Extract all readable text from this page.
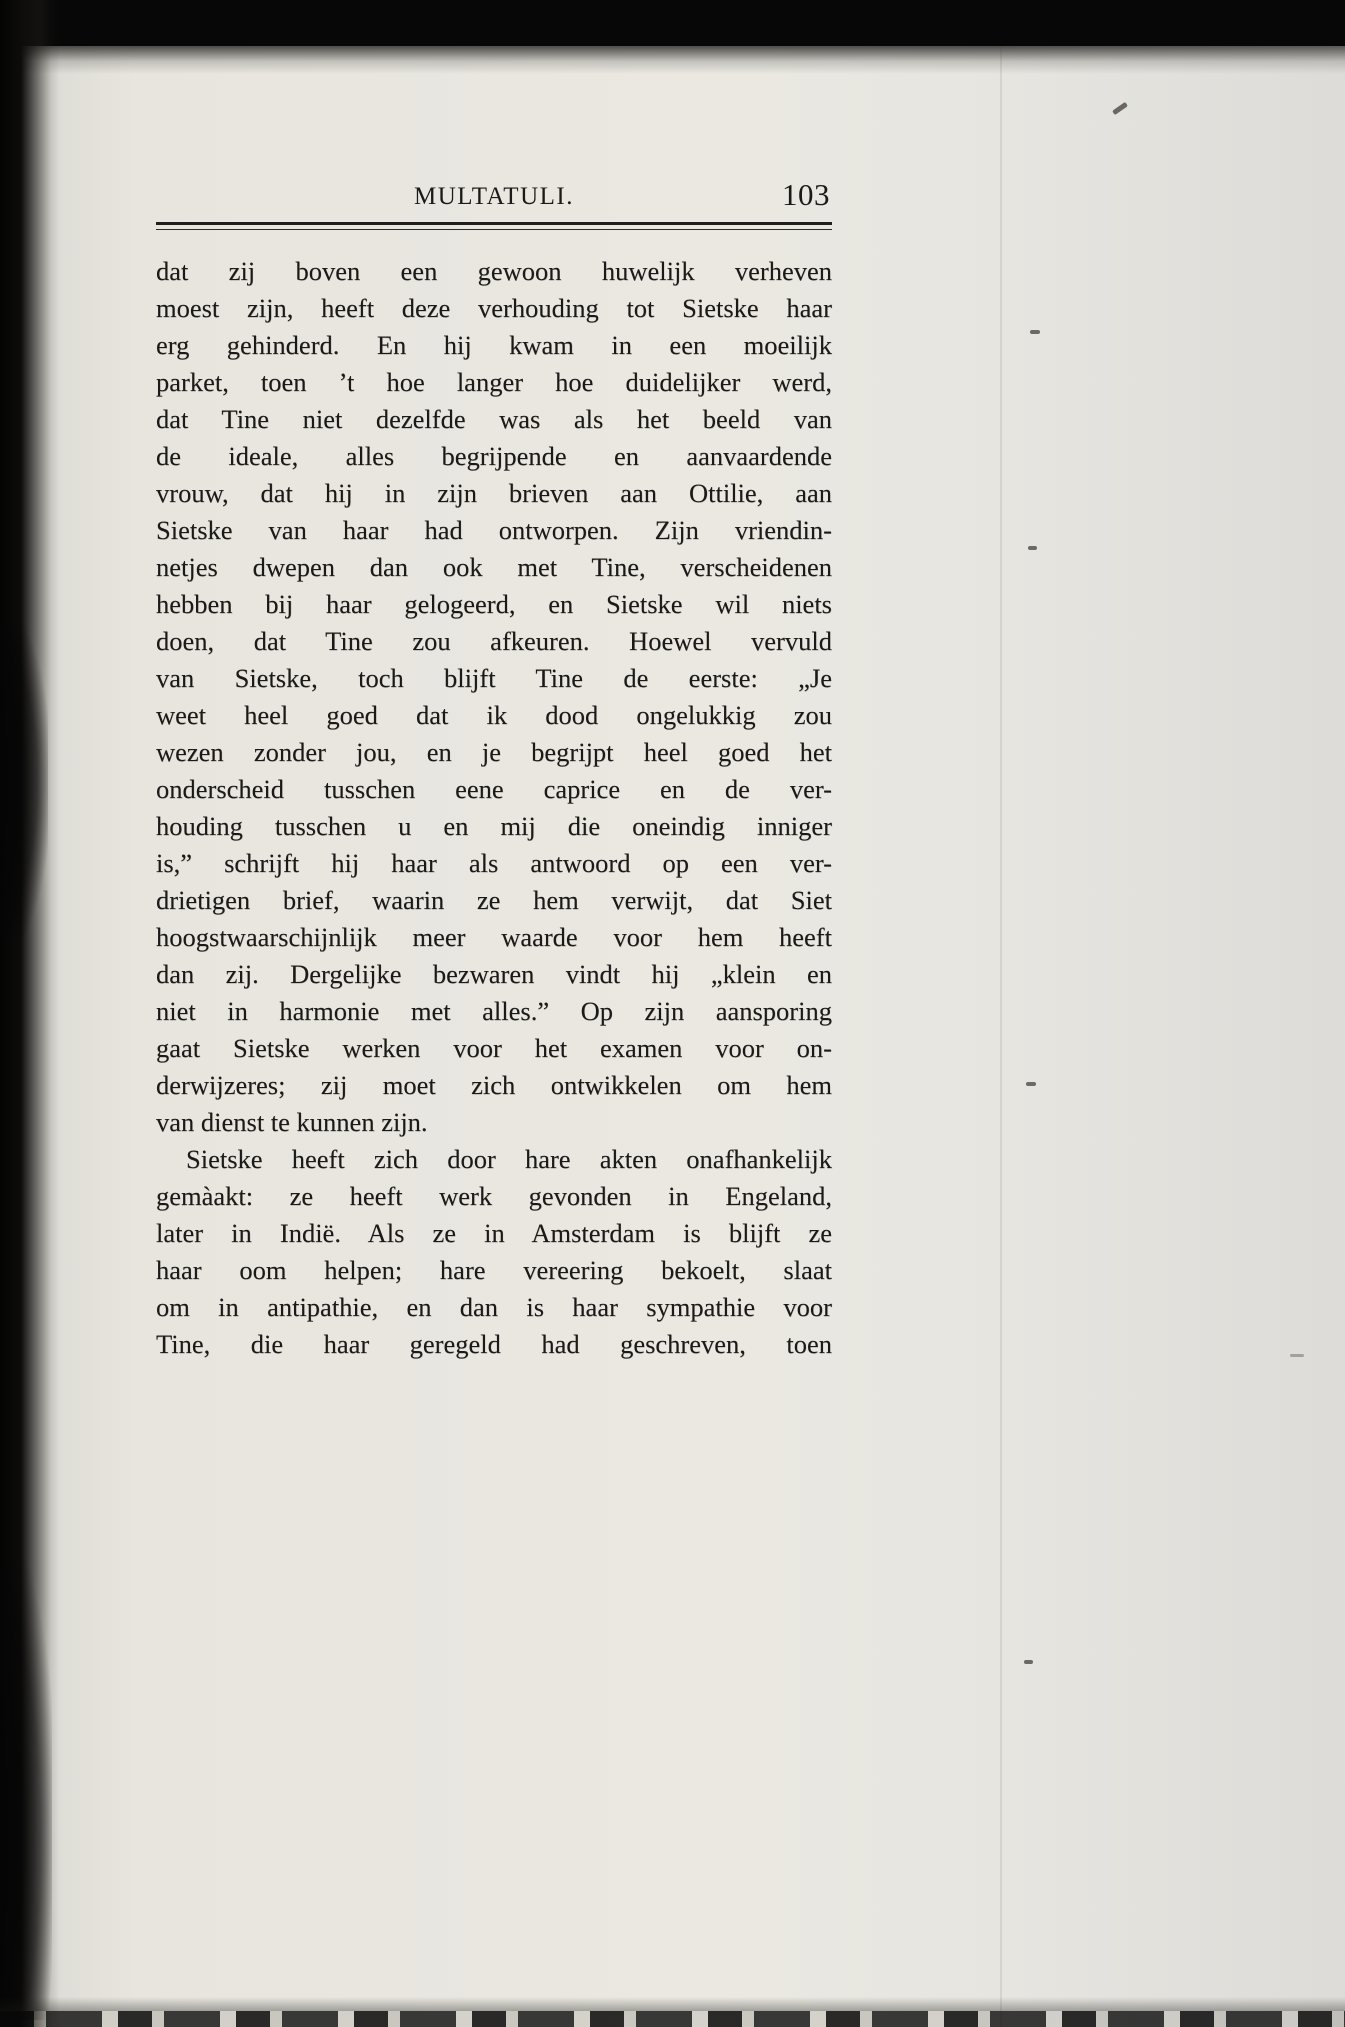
MULTATULI.	103
dat zij boven een gewoon huwelijk verheven
moest zijn, heeft deze verhouding tot Sietske haar
erg gehinderd. En hij kwam in een moeilijk
parket, toen ’t hoe langer hoe duidelijker werd,
dat Tine niet dezelfde was als het beeld van
de ideale, alles begrijpende en aanvaardende
vrouw, dat hij in zijn brieven aan Ottilie, aan
Sietske van haar had ontworpen. Zijn vriendin-
netjes dwepen dan ook met Tine, verscheidenen
hebben bij haar gelogeerd, en Sietske wil niets
doen, dat Tine zou afkeuren. Hoewel vervuld
van Sietske, toch blijft Tine de eerste: „Je
weet heel goed dat ik dood ongelukkig zou
wezen zonder jou, en je begrijpt heel goed het
onderscheid tusschen eene caprice en de ver-
houding tusschen u en mij die oneindig inniger
is,” schrijft hij haar als antwoord op een ver-
drietigen brief, waarin ze hem verwijt, dat Siet
hoogstwaarschijnlijk meer waarde voor hem heeft
dan zij. Dergelijke bezwaren vindt hij „klein en
niet in harmonie met alles.” Op zijn aansporing
gaat Sietske werken voor het examen voor on-
derwijzeres; zij moet zich ontwikkelen om hem
van dienst te kunnen zijn.
Sietske heeft zich door hare akten onafhankelijk
gemàakt: ze heeft werk gevonden in Engeland,
later in Indië. Als ze in Amsterdam is blijft ze
haar oom helpen; hare vereering bekoelt, slaat
om in antipathie, en dan is haar sympathie voor
Tine, die haar geregeld had geschreven, toen
